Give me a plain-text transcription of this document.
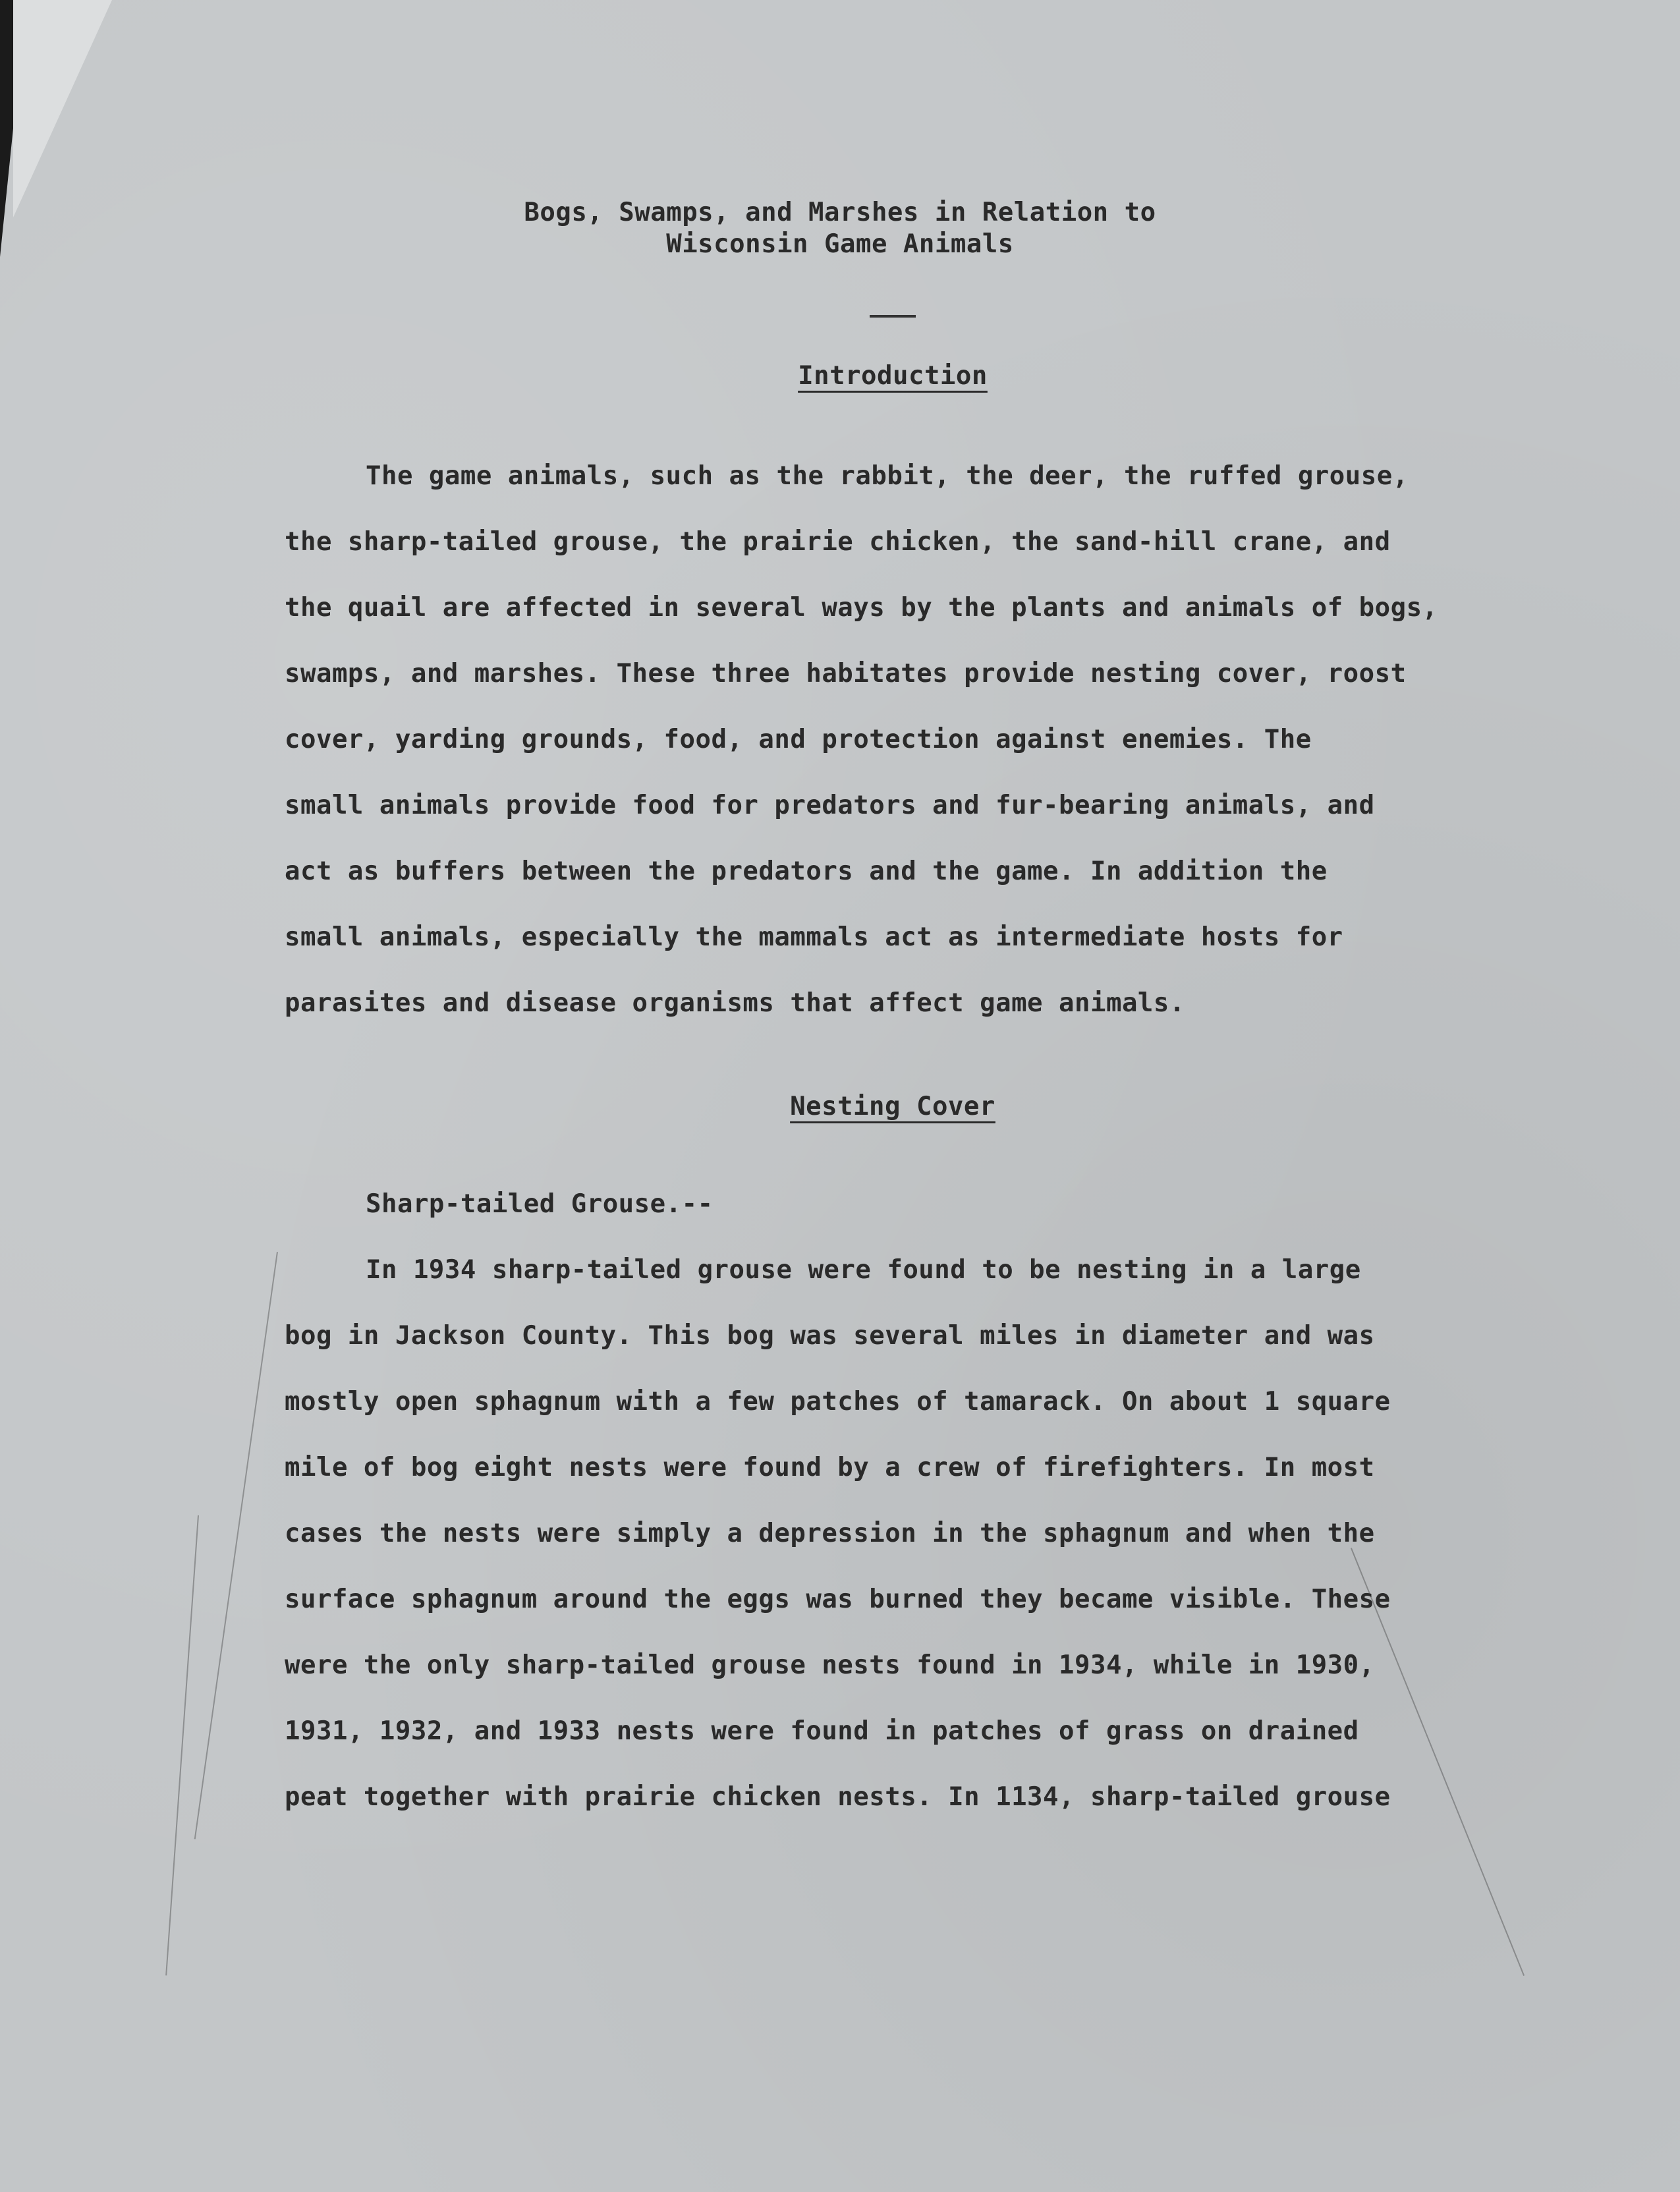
Bogs, Swamps, and Marshes in Relation to
Wisconsin Game Animals
Introduction
The game animals, such as the rabbit, the deer, the ruffed grouse,
the sharp-tailed grouse, the prairie chicken, the sand-hill crane, and
the quail are affected in several ways by the plants and animals of bogs,
swamps, and marshes. These three habitates provide nesting cover, roost
cover, yarding grounds, food, and protection against enemies. The
small animals provide food for predators and fur-bearing animals, and
act as buffers between the predators and the game. In addition the
small animals, especially the mammals act as intermediate hosts for
parasites and disease organisms that affect game animals.
Nesting Cover
Sharp-tailed Grouse.--
In 1934 sharp-tailed grouse were found to be nesting in a large
bog in Jackson County. This bog was several miles in diameter and was
mostly open sphagnum with a few patches of tamarack. On about 1 square
mile of bog eight nests were found by a crew of firefighters. In most
cases the nests were simply a depression in the sphagnum and when the
surface sphagnum around the eggs was burned they became visible. These
were the only sharp-tailed grouse nests found in 1934, while in 1930,
1931, 1932, and 1933 nests were found in patches of grass on drained
peat together with prairie chicken nests. In 1134, sharp-tailed grouse
